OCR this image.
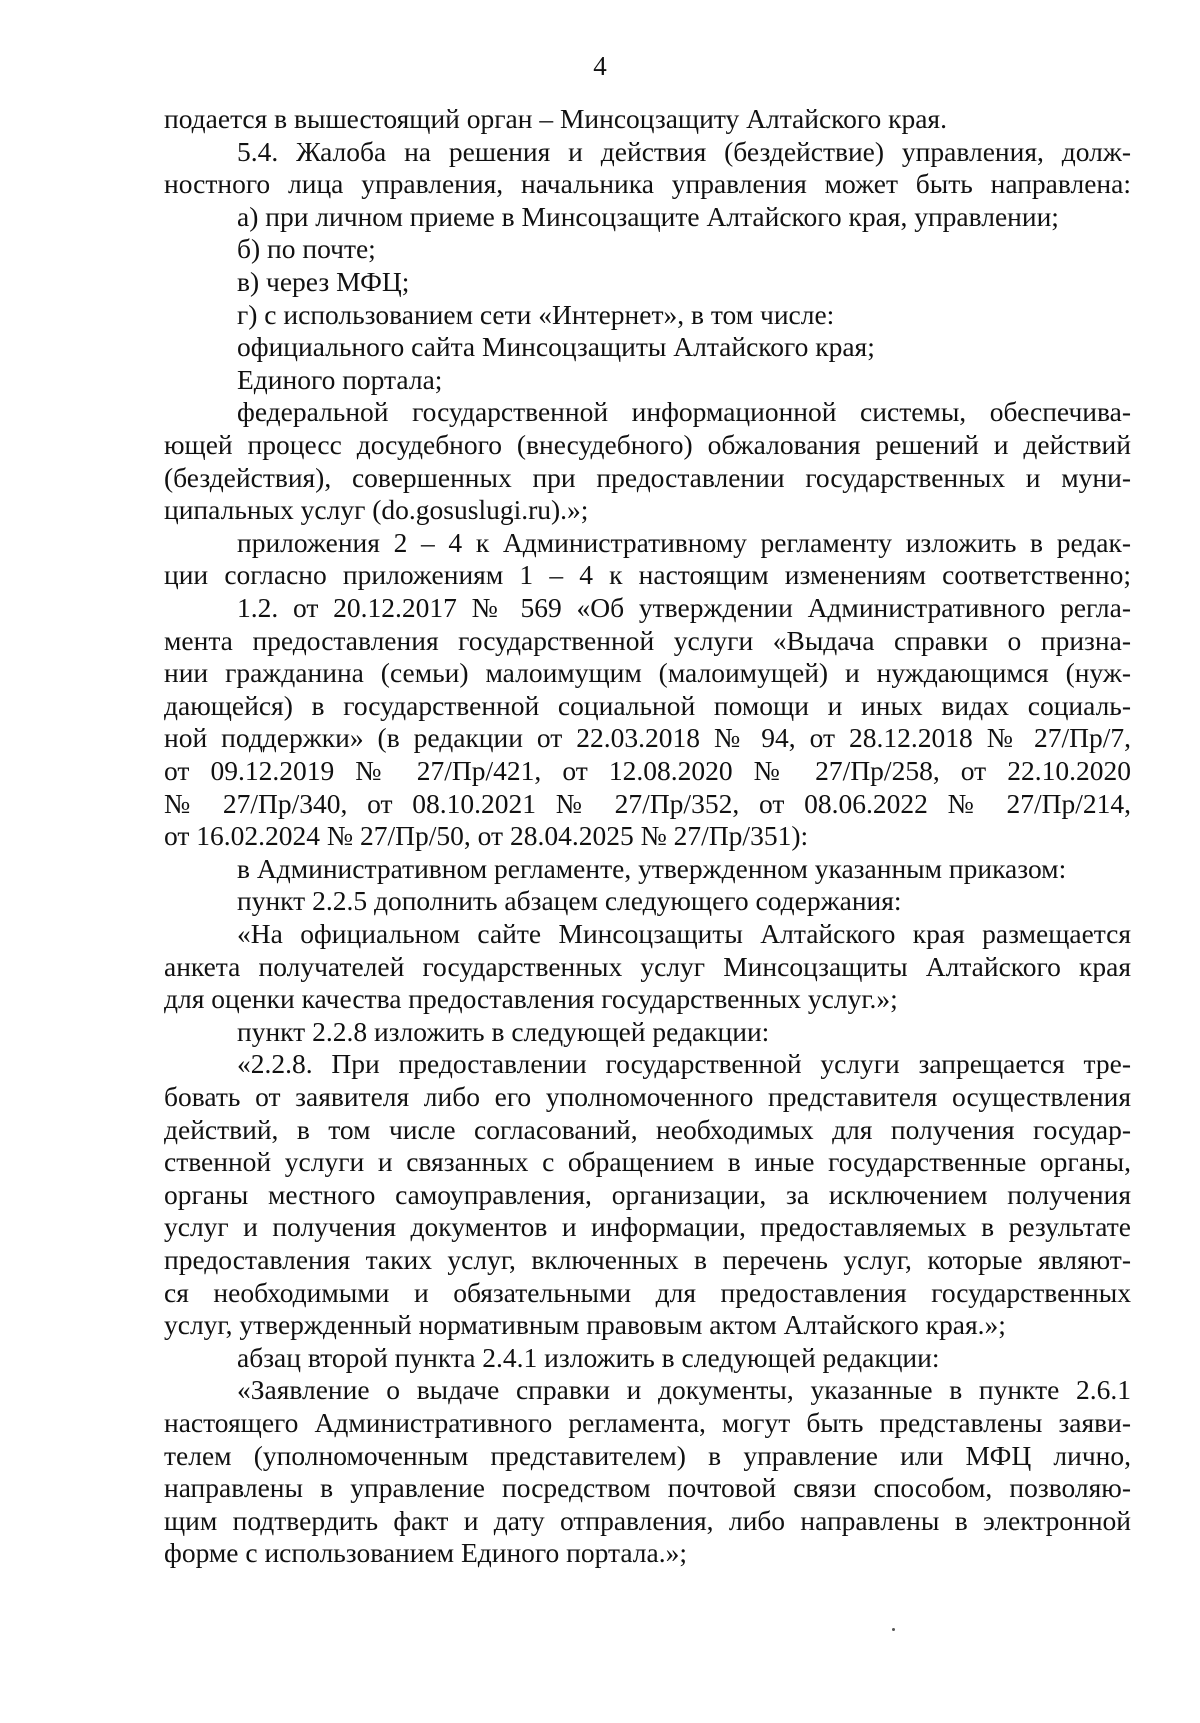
4
подается в вышестоящий орган – Минсоцзащиту Алтайского края.
5.4. Жалоба на решения и действия (бездействие) управления, долж-
ностного лица управления, начальника управления может быть направлена:
а) при личном приеме в Минсоцзащите Алтайского края, управлении;
б) по почте;
в) через МФЦ;
г) с использованием сети «Интернет», в том числе:
официального сайта Минсоцзащиты Алтайского края;
Единого портала;
федеральной государственной информационной системы, обеспечива-
ющей процесс досудебного (внесудебного) обжалования решений и действий
(бездействия), совершенных при предоставлении государственных и муни-
ципальных услуг (do.gosuslugi.ru).»;
приложения 2 – 4 к Административному регламенту изложить в редак-
ции согласно приложениям 1 – 4 к настоящим изменениям соответственно;
1.2. от 20.12.2017 № 569 «Об утверждении Административного регла-
мента предоставления государственной услуги «Выдача справки о призна-
нии гражданина (семьи) малоимущим (малоимущей) и нуждающимся (нуж-
дающейся) в государственной социальной помощи и иных видах социаль-
ной поддержки» (в редакции от 22.03.2018 № 94, от 28.12.2018 № 27/Пр/7,
от 09.12.2019 № 27/Пр/421, от 12.08.2020 № 27/Пр/258, от 22.10.2020
№ 27/Пр/340, от 08.10.2021 № 27/Пр/352, от 08.06.2022 № 27/Пр/214,
от 16.02.2024 № 27/Пр/50, от 28.04.2025 № 27/Пр/351):
в Административном регламенте, утвержденном указанным приказом:
пункт 2.2.5 дополнить абзацем следующего содержания:
«На официальном сайте Минсоцзащиты Алтайского края размещается
анкета получателей государственных услуг Минсоцзащиты Алтайского края
для оценки качества предоставления государственных услуг.»;
пункт 2.2.8 изложить в следующей редакции:
«2.2.8. При предоставлении государственной услуги запрещается тре-
бовать от заявителя либо его уполномоченного представителя осуществления
действий, в том числе согласований, необходимых для получения государ-
ственной услуги и связанных с обращением в иные государственные органы,
органы местного самоуправления, организации, за исключением получения
услуг и получения документов и информации, предоставляемых в результате
предоставления таких услуг, включенных в перечень услуг, которые являют-
ся необходимыми и обязательными для предоставления государственных
услуг, утвержденный нормативным правовым актом Алтайского края.»;
абзац второй пункта 2.4.1 изложить в следующей редакции:
«Заявление о выдаче справки и документы, указанные в пункте 2.6.1
настоящего Административного регламента, могут быть представлены заяви-
телем (уполномоченным представителем) в управление или МФЦ лично,
направлены в управление посредством почтовой связи способом, позволяю-
щим подтвердить факт и дату отправления, либо направлены в электронной
форме с использованием Единого портала.»;
